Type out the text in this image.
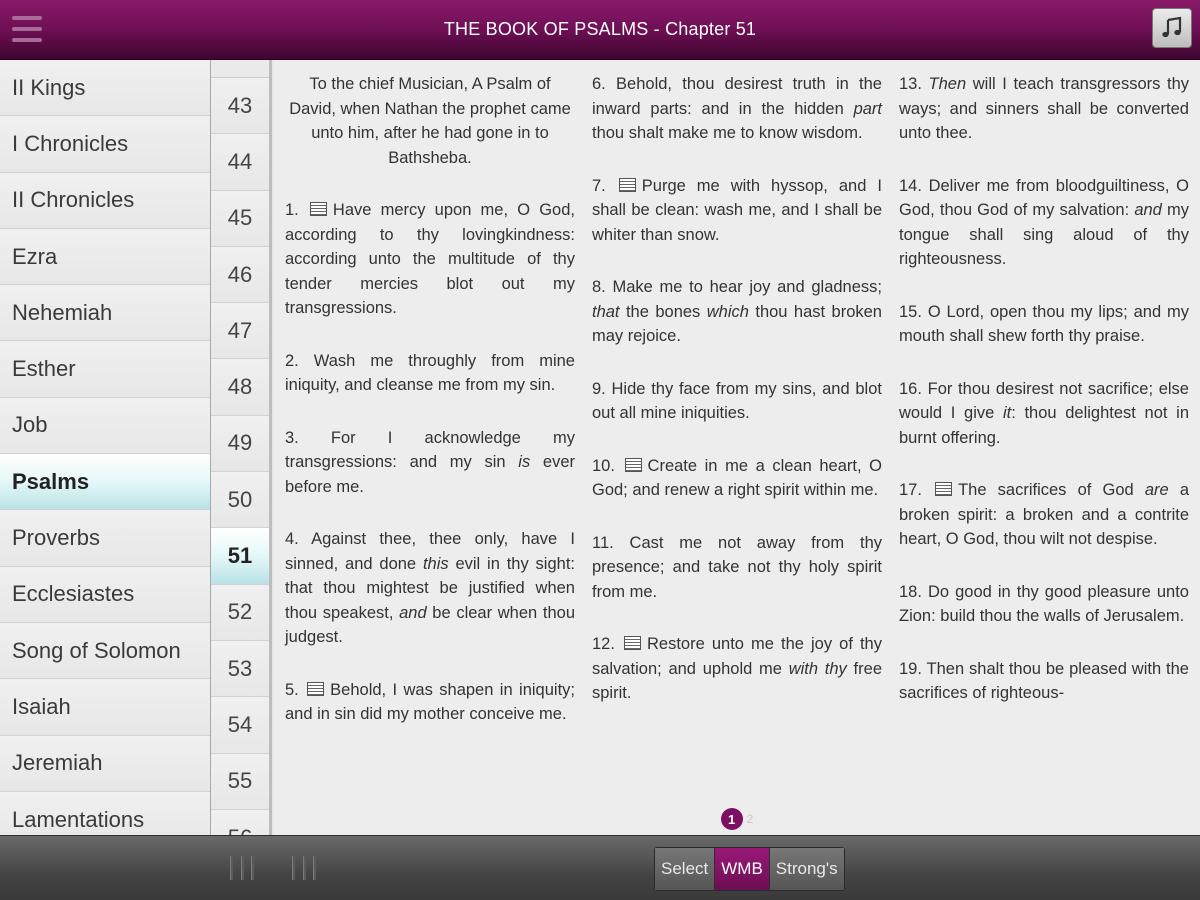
THE BOOK OF PSALMS - Chapter 51
II Kings
I Chronicles
II Chronicles
Ezra
Nehemiah
Esther
Job
Psalms
Proverbs
Ecclesiastes
Song of Solomon
Isaiah
Jeremiah
Lamentations
43
44
45
46
47
48
49
50
51
52
53
54
55
To the chief Musician, A Psalm of David, when Nathan the prophet came unto him, after he had gone in to Bathsheba.
1. Have mercy upon me, O God, according to thy lovingkindness: according unto the multitude of thy tender mercies blot out my transgressions.
2. Wash me throughly from mine iniquity, and cleanse me from my sin.
3. For I acknowledge my transgressions: and my sin is ever before me.
4. Against thee, thee only, have I sinned, and done this evil in thy sight: that thou mightest be justified when thou speakest, and be clear when thou judgest.
5. Behold, I was shapen in iniquity; and in sin did my mother conceive me.
6. Behold, thou desirest truth in the inward parts: and in the hidden part thou shalt make me to know wisdom.
7. Purge me with hyssop, and I shall be clean: wash me, and I shall be whiter than snow.
8. Make me to hear joy and gladness; that the bones which thou hast broken may rejoice.
9. Hide thy face from my sins, and blot out all mine iniquities.
10. Create in me a clean heart, O God; and renew a right spirit within me.
11. Cast me not away from thy presence; and take not thy holy spirit from me.
12. Restore unto me the joy of thy salvation; and uphold me with thy free spirit.
13. Then will I teach transgressors thy ways; and sinners shall be converted unto thee.
14. Deliver me from bloodguiltiness, O God, thou God of my salvation: and my tongue shall sing aloud of thy righteousness.
15. O Lord, open thou my lips; and my mouth shall shew forth thy praise.
16. For thou desirest not sacrifice; else would I give it: thou delightest not in burnt offering.
17. The sacrifices of God are a broken spirit: a broken and a contrite heart, O God, thou wilt not despise.
18. Do good in thy good pleasure unto Zion: build thou the walls of Jerusalem.
19. Then shalt thou be pleased with the sacrifices of righteous-
1 2
Select WMB Strong's
